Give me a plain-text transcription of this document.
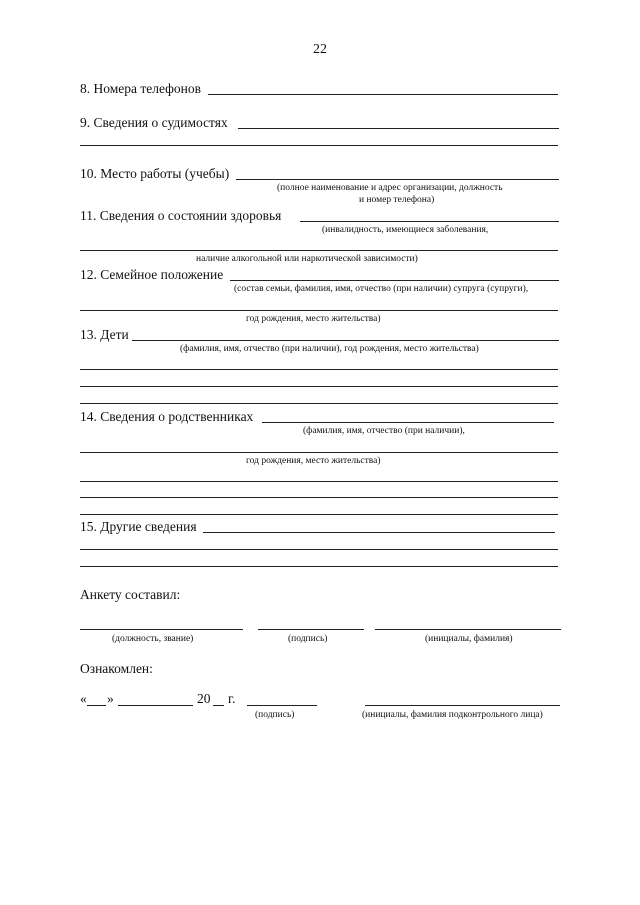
22
8. Номера телефонов
9. Сведения о судимостях
10. Место работы (учебы)
(полное наименование и адрес организации, должность
и номер телефона)
11. Сведения о состоянии здоровья
(инвалидность, имеющиеся заболевания,
наличие алкогольной или наркотической зависимости)
12. Семейное положение
(состав семьи, фамилия, имя, отчество (при наличии) супруга (супруги),
год рождения, место жительства)
13. Дети
(фамилия, имя, отчество (при наличии), год рождения, место жительства)
14. Сведения о родственниках
(фамилия, имя, отчество (при наличии),
год рождения, место жительства)
15. Другие сведения
Анкету составил:
(должность, звание)	(подпись)	(инициалы, фамилия)
Ознакомлен:
« »	20 г.
(подпись)	(инициалы, фамилия подконтрольного лица)
